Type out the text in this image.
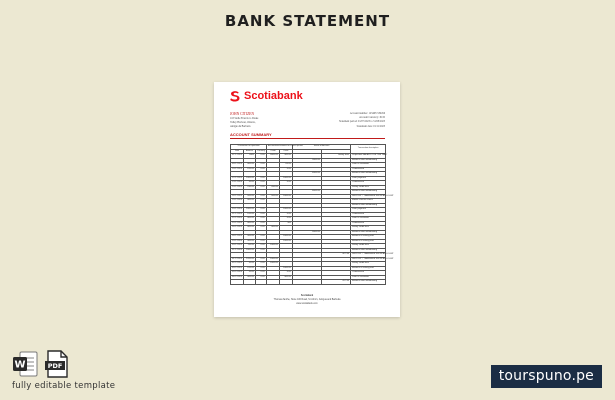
BANK STATEMENT
Scotiabank
JOHN CITIZEN
118 Stelle Francis to Drake
Valley Harbour, Ontario,
Antigua & Barbuda
Account number: 1234657-89456
Account Currency: XCD
Statement period: 01/07/2023 to 31/08/2023
Statement date: 01/11/2023
ACCOUNT SUMMARY
Transaction for operation			Accumulated amount for current period		Status of Account		Transaction description
Date	Amount	Currency	Credit	Debit			
07-1-2023	5000	XCD	5000.00	500.00		Salary fees	Deposited SALARY FOR THE PART
					3000.00		Balance after withdrawing
09-1-2023	400.00	XCD		65.00			Loan to customer
10-1-2023	100.00	XCD		5.00			Commission
					4000.00		Balance after withdrawing
12-1-2023	1000.00	XCD		1000.00			Loan payment
13-1-2023	10.00	XCD		5.00			Commission
14-1-2023	250.00	XCD	450.00				Salary credit fees
					8000.00		Balance after withdrawing
16-1-2023	500.00	XCD	500.00	1000.00			DEPOSIT - TRANSFER FROM ACCOUNT
19-1-2023	400.00	XCD					Mobile checkin check
							Balance after withdrawing
20-1-2023	1000.00	XCD		1000.00			Loan payment
21-1-2023	100.00	XCD		5.00			Commission
22-1-2023	400.00	XCD		5.00			Loan to customer
25-1-2023	400.00	XCD		500			Commission
26-1-2023	400.00	XCD	400.00				Salary credit fees
					5000.00		Balance after withdrawing
28-1-2023	300.00	XCD		1000.00			Balance of salary paid
29-1-2023	300.00	XCD		1000.00			Balance of salary paid
30-1-2023	110.00	XCD	1000.00				Salary credit fees
31-1-2023	1000.00	XCD					Balance after withdrawing
						407.98	DEPOSIT - TRANSFER FROM ACCOUNT
01-2-2023	1200.00	XCD	1000.00				DEPOSIT - TRANSFER FROM ACCOUNT
02-2-2023	10.00	XCD	1000.00				Salary credit fees
03-2-2023	100.00	XCD		1000.00			Balance of salary paid
05-2-2023	10.00	XCD		5.00			Commission
06-2-2023	400.00	XCD		500.00			Loan to customer
						457.98	Balance after withdrawing
Scotiabank
Thomas Zanthe, Store 100 Road, St John's, Antigua and Barbuda
www.scotiabank.com
W	PDF
fully editable template
tourspuno.pe
